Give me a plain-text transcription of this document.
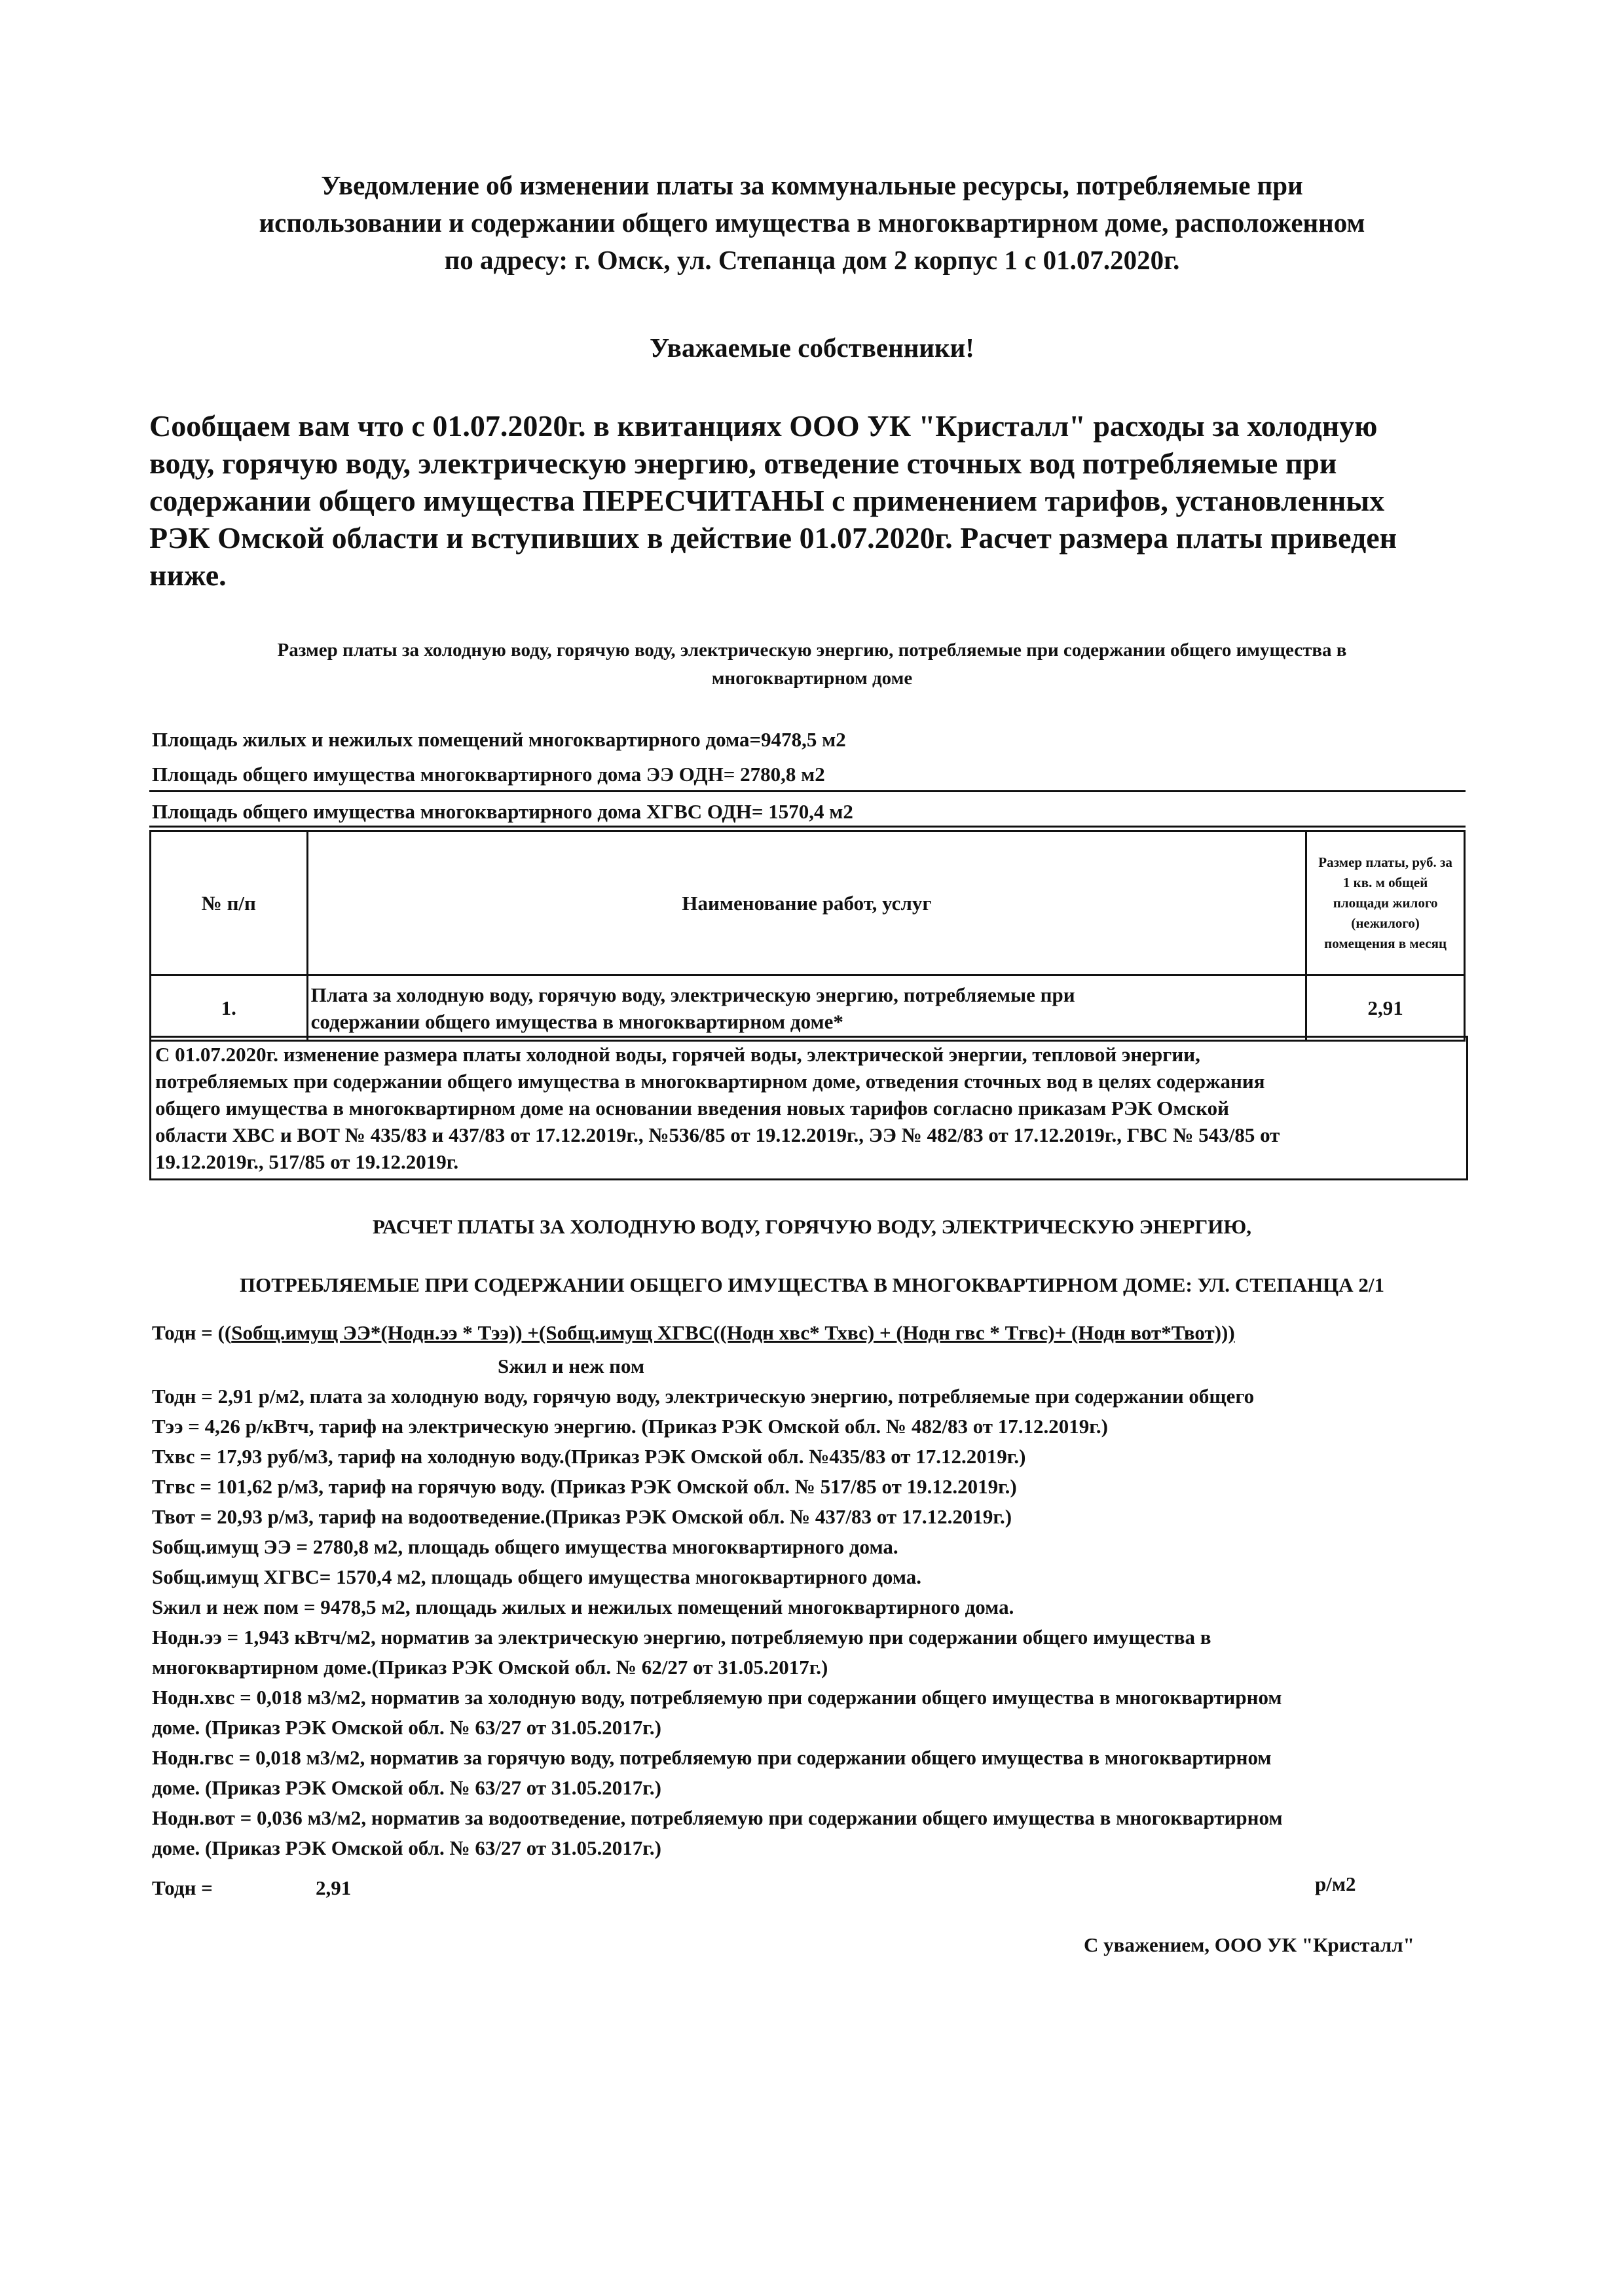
Уведомление об изменении платы за коммунальные ресурсы, потребляемые при
использовании и содержании общего имущества в многоквартирном доме, расположенном
по адресу: г. Омск, ул. Степанца дом 2 корпус 1 с 01.07.2020г.
Уважаемые собственники!
Сообщаем вам что с 01.07.2020г. в квитанциях ООО УК "Кристалл" расходы за холодную
воду, горячую воду, электрическую энергию, отведение сточных вод потребляемые при
содержании общего имущества ПЕРЕСЧИТАНЫ с применением тарифов, установленных
РЭК Омской области и вступивших в действие 01.07.2020г. Расчет размера платы приведен
ниже.
Размер платы за холодную воду, горячую воду, электрическую энергию, потребляемые при содержании общего имущества в
многоквартирном доме
Площадь жилых и нежилых помещений многоквартирного дома=9478,5 м2
Площадь общего имущества многоквартирного дома ЭЭ ОДН= 2780,8 м2
Площадь общего имущества многоквартирного дома ХГВС ОДН= 1570,4 м2
№ п/п	Наименование работ, услуг	Размер платы, руб. за
1 кв. м общей
площади жилого
(нежилого)
помещения в месяц

1.	Плата за холодную воду, горячую воду, электрическую энергию, потребляемые при
содержании общего имущества в многоквартирном доме*	2,91
С 01.07.2020г. изменение размера платы холодной воды, горячей воды, электрической энергии, тепловой энергии,
потребляемых при содержании общего имущества в многоквартирном доме, отведения сточных вод в целях содержания
общего имущества в многоквартирном доме на основании введения новых тарифов согласно приказам РЭК Омской
области ХВС и ВОТ № 435/83 и 437/83 от 17.12.2019г., №536/85 от 19.12.2019г., ЭЭ № 482/83 от 17.12.2019г., ГВС № 543/85 от
19.12.2019г., 517/85 от 19.12.2019г.
РАСЧЕТ ПЛАТЫ ЗА ХОЛОДНУЮ ВОДУ, ГОРЯЧУЮ ВОДУ, ЭЛЕКТРИЧЕСКУЮ ЭНЕРГИЮ,
ПОТРЕБЛЯЕМЫЕ ПРИ СОДЕРЖАНИИ ОБЩЕГО ИМУЩЕСТВА В МНОГОКВАРТИРНОМ ДОМЕ: УЛ. СТЕПАНЦА 2/1
Тодн = ((Sобщ.имущ ЭЭ*(Нодн.ээ * Тээ)) +(Sобщ.имущ ХГВС((Нодн хвс* Тхвс) + (Нодн гвс * Тгвс)+ (Нодн вот*Твот)))
Sжил и неж пом
Тодн = 2,91 р/м2, плата за холодную воду, горячую воду, электрическую энергию, потребляемые при содержании общего
Тээ = 4,26 р/кВтч, тариф на электрическую энергию. (Приказ РЭК Омской обл. № 482/83 от 17.12.2019г.)
Тхвс = 17,93 руб/м3, тариф на холодную воду.(Приказ РЭК Омской обл. №435/83 от 17.12.2019г.)
Тгвс = 101,62 р/м3, тариф на горячую воду. (Приказ РЭК Омской обл. № 517/85 от 19.12.2019г.)
Твот = 20,93 р/м3, тариф на водоотведение.(Приказ РЭК Омской обл. № 437/83 от 17.12.2019г.)
Sобщ.имущ ЭЭ = 2780,8 м2, площадь общего имущества многоквартирного дома.
Sобщ.имущ ХГВС= 1570,4 м2, площадь общего имущества многоквартирного дома.
Sжил и неж пом = 9478,5 м2, площадь жилых и нежилых помещений многоквартирного дома.
Нодн.ээ = 1,943 кВтч/м2, норматив за электрическую энергию, потребляемую при содержании общего имущества в
многоквартирном доме.(Приказ РЭК Омской обл. № 62/27 от 31.05.2017г.)
Нодн.хвс = 0,018 м3/м2, норматив за холодную воду, потребляемую при содержании общего имущества в многоквартирном
доме. (Приказ РЭК Омской обл. № 63/27 от 31.05.2017г.)
Нодн.гвс = 0,018 м3/м2, норматив за горячую воду, потребляемую при содержании общего имущества в многоквартирном
доме. (Приказ РЭК Омской обл. № 63/27 от 31.05.2017г.)
Нодн.вот = 0,036 м3/м2, норматив за водоотведение, потребляемую при содержании общего имущества в многоквартирном
доме. (Приказ РЭК Омской обл. № 63/27 от 31.05.2017г.)
Тодн =	2,91	р/м2
С уважением, ООО УК "Кристалл"
